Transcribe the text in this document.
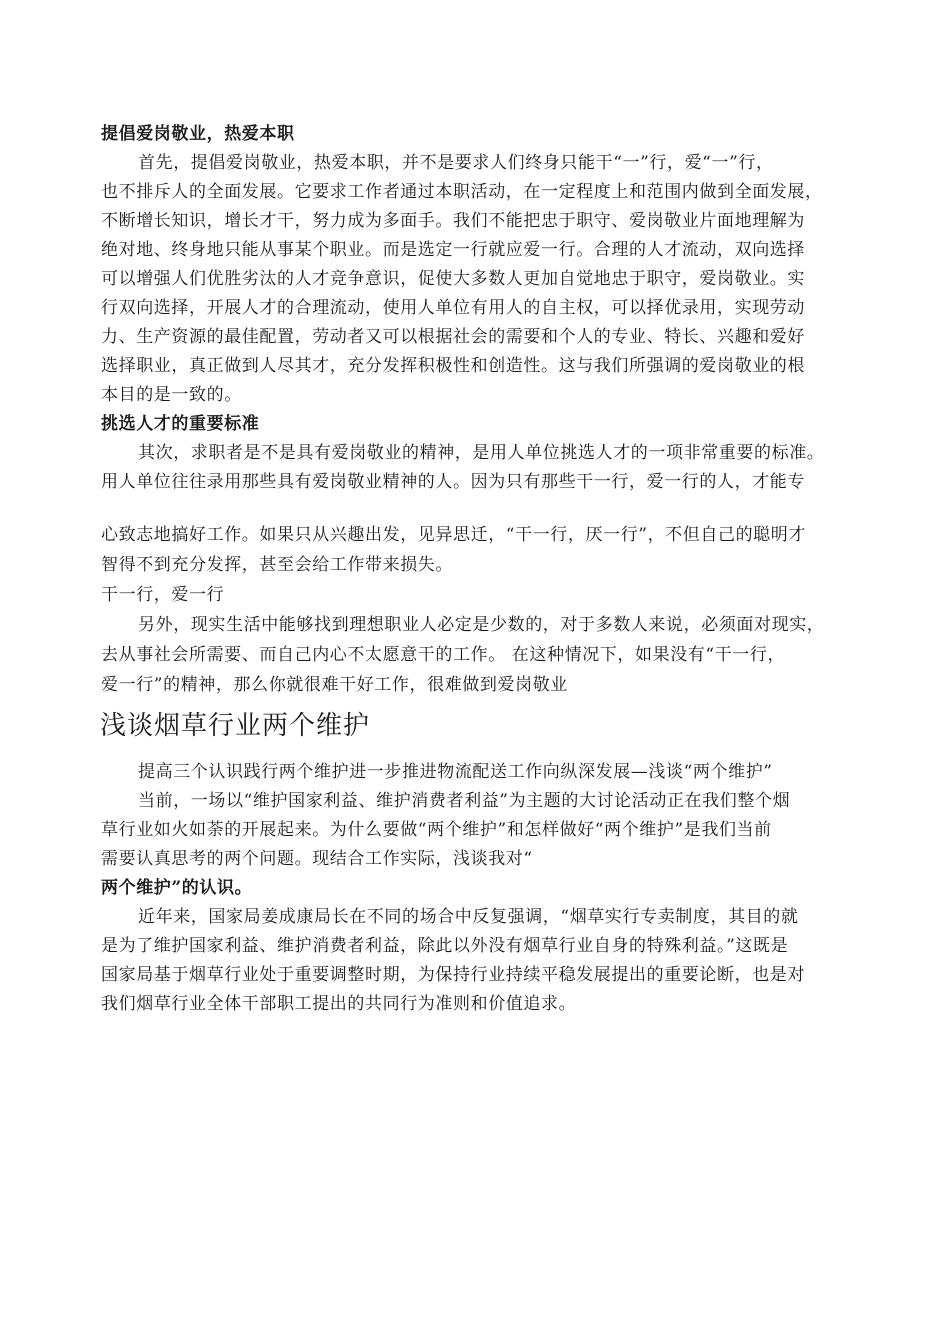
提倡爱岗敬业，热爱本职
首先，提倡爱岗敬业，热爱本职，并不是要求人们终身只能干“一”行，爱“一”行，
也不排斥人的全面发展。它要求工作者通过本职活动，在一定程度上和范围内做到全面发展，
不断增长知识，增长才干，努力成为多面手。我们不能把忠于职守、爱岗敬业片面地理解为
绝对地、终身地只能从事某个职业。而是选定一行就应爱一行。合理的人才流动，双向选择
可以增强人们优胜劣汰的人才竞争意识，促使大多数人更加自觉地忠于职守，爱岗敬业。实
行双向选择，开展人才的合理流动，使用人单位有用人的自主权，可以择优录用，实现劳动
力、生产资源的最佳配置，劳动者又可以根据社会的需要和个人的专业、特长、兴趣和爱好
选择职业，真正做到人尽其才，充分发挥积极性和创造性。这与我们所强调的爱岗敬业的根
本目的是一致的。
挑选人才的重要标准
其次，求职者是不是具有爱岗敬业的精神，是用人单位挑选人才的一项非常重要的标准。
用人单位往往录用那些具有爱岗敬业精神的人。因为只有那些干一行，爱一行的人，才能专
心致志地搞好工作。如果只从兴趣出发，见异思迁，“干一行，厌一行”，不但自己的聪明才
智得不到充分发挥，甚至会给工作带来损失。
干一行，爱一行
另外，现实生活中能够找到理想职业人必定是少数的，对于多数人来说，必须面对现实，
去从事社会所需要、而自己内心不太愿意干的工作。 在这种情况下，如果没有“干一行，
爱一行”的精神，那么你就很难干好工作，很难做到爱岗敬业
浅谈烟草行业两个维护
提高三个认识践行两个维护进一步推进物流配送工作向纵深发展—浅谈“两个维护”
当前，一场以“维护国家利益、维护消费者利益”为主题的大讨论活动正在我们整个烟
草行业如火如荼的开展起来。为什么要做“两个维护”和怎样做好“两个维护”是我们当前
需要认真思考的两个问题。现结合工作实际，浅谈我对“
两个维护”的认识。
近年来，国家局姜成康局长在不同的场合中反复强调，“烟草实行专卖制度，其目的就
是为了维护国家利益、维护消费者利益，除此以外没有烟草行业自身的特殊利益。”这既是
国家局基于烟草行业处于重要调整时期，为保持行业持续平稳发展提出的重要论断，也是对
我们烟草行业全体干部职工提出的共同行为准则和价值追求。
